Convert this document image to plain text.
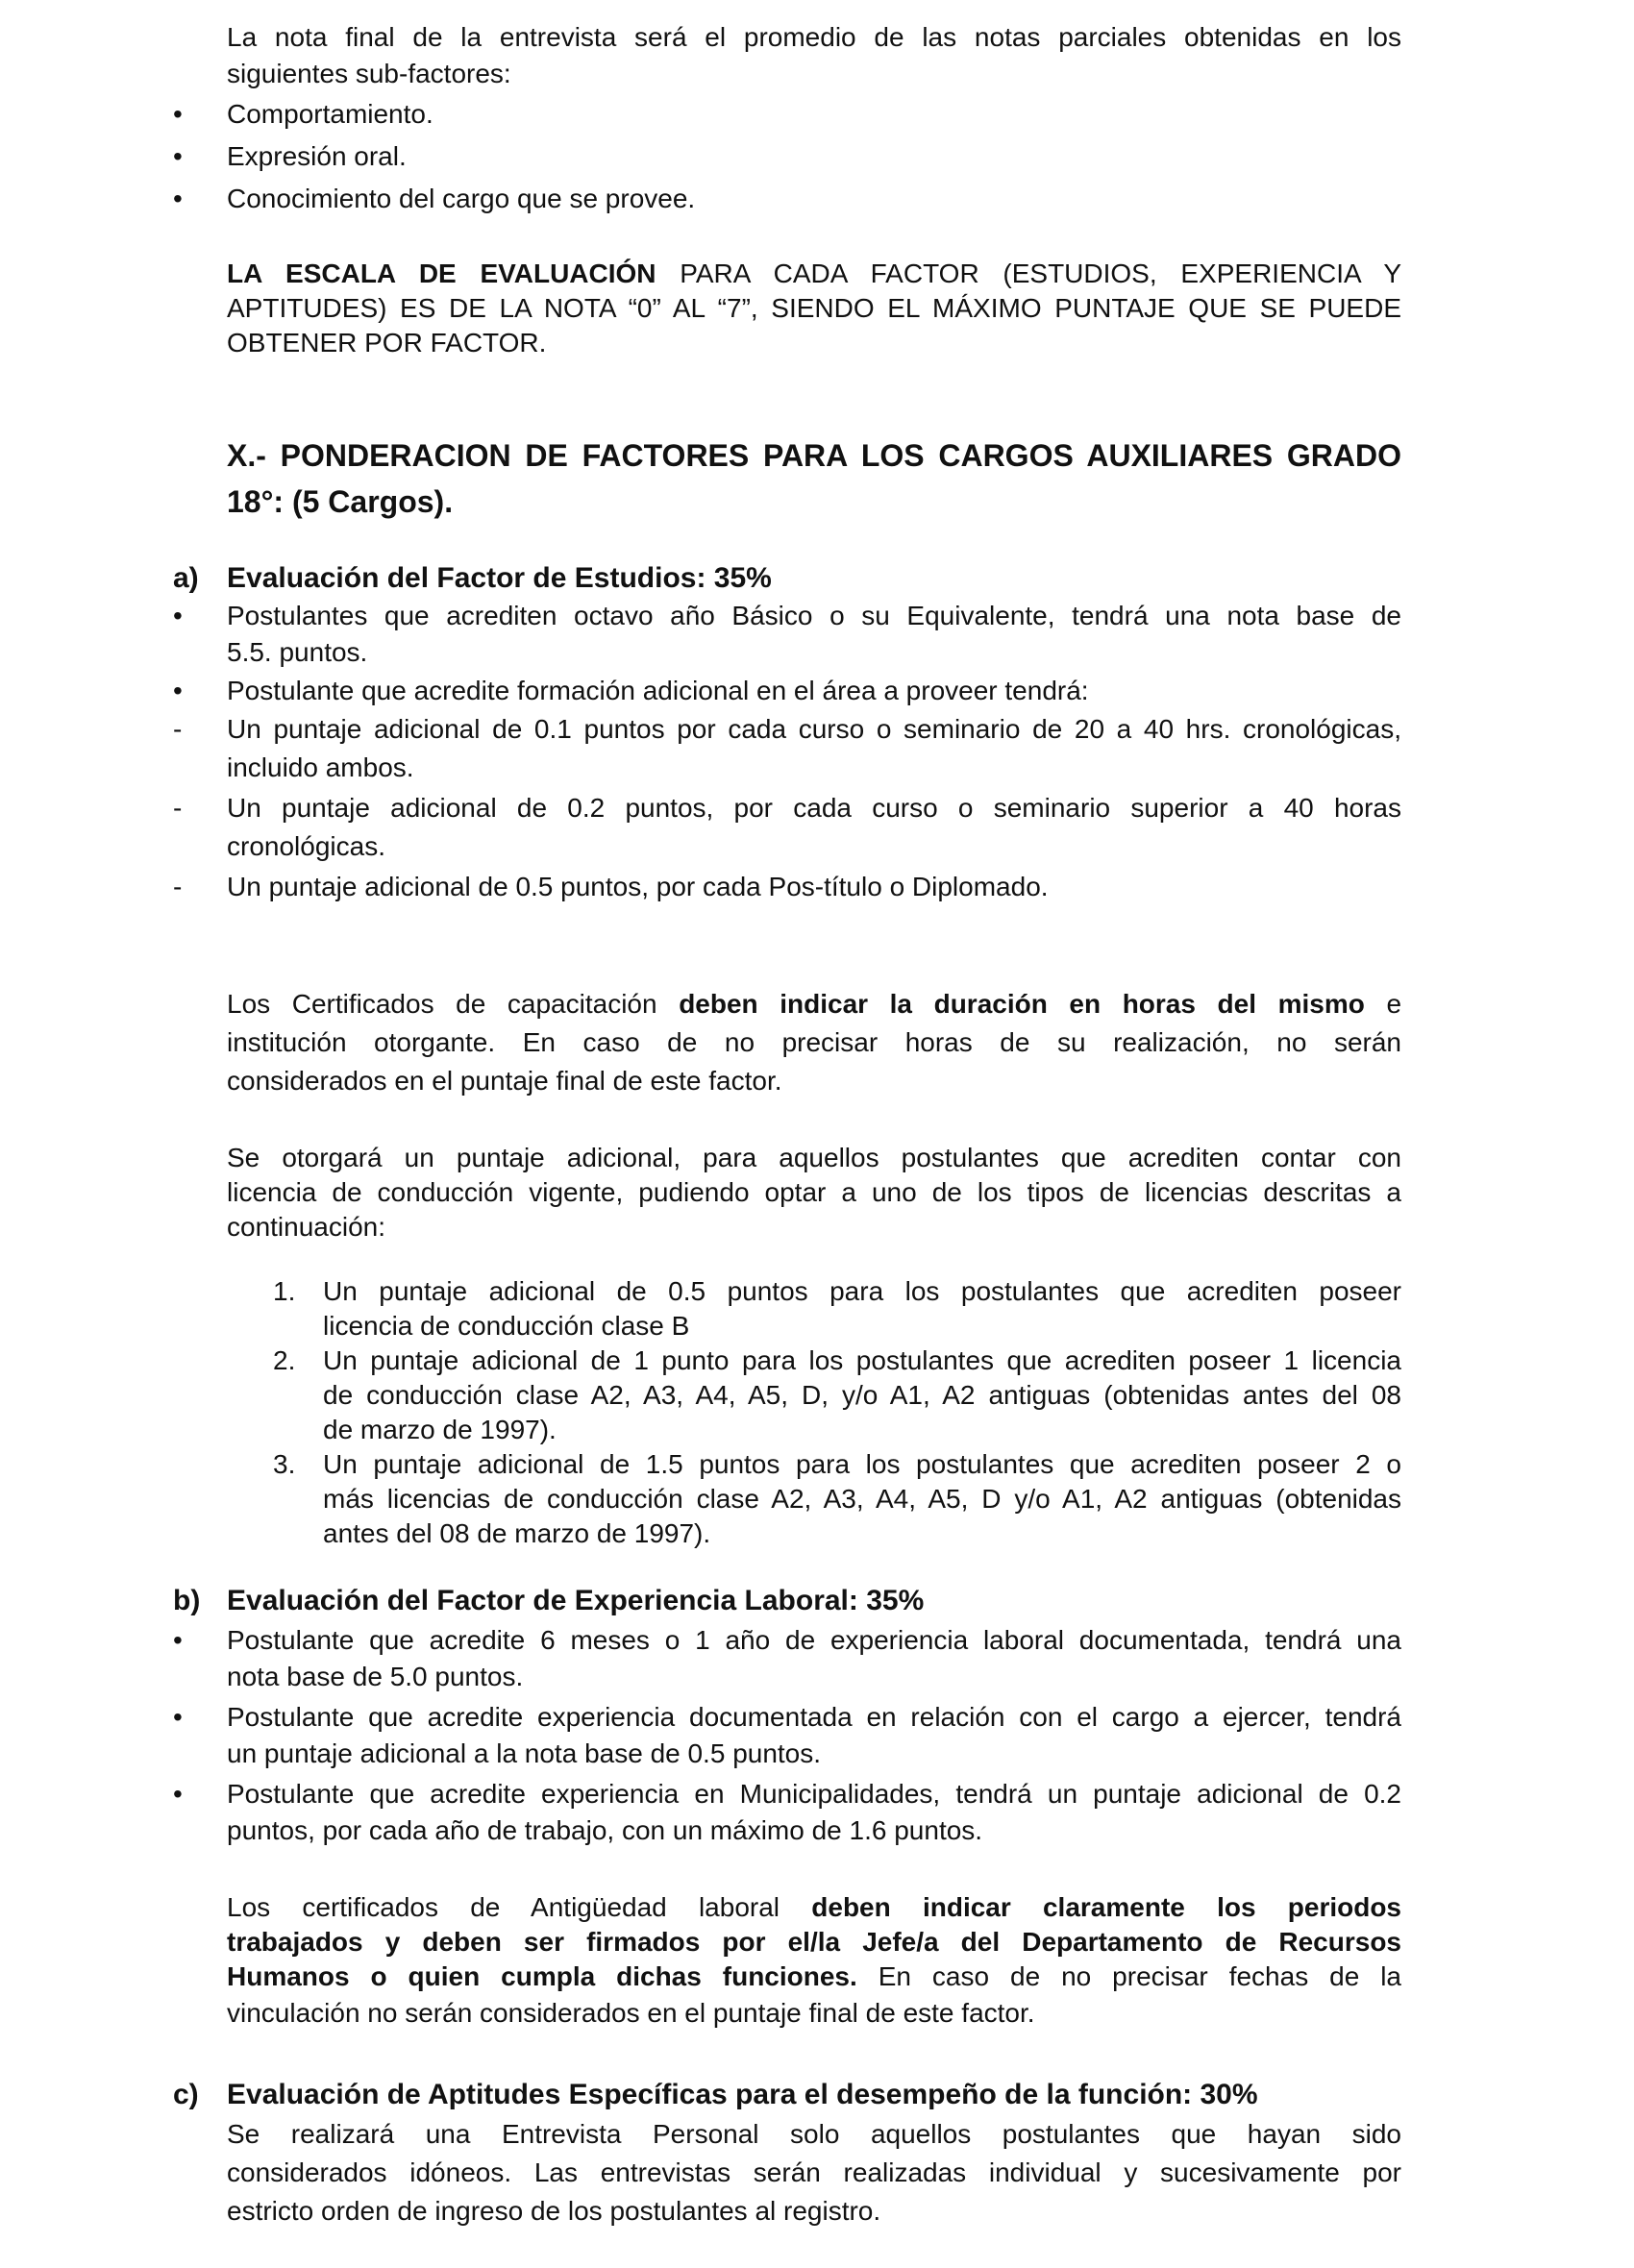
La nota final de la entrevista será el promedio de las notas parciales obtenidas en los
siguientes sub-factores:
•	Comportamiento.
•	Expresión oral.
•	Conocimiento del cargo que se provee.
LA ESCALA DE EVALUACIÓN PARA CADA FACTOR (ESTUDIOS, EXPERIENCIA Y
APTITUDES) ES DE LA NOTA “0” AL “7”, SIENDO EL MÁXIMO PUNTAJE QUE SE PUEDE
OBTENER POR FACTOR.
X.- PONDERACION DE FACTORES PARA LOS CARGOS AUXILIARES GRADO
18°: (5 Cargos).
a) Evaluación del Factor de Estudios: 35%
•	Postulantes que acrediten octavo año Básico o su Equivalente, tendrá una nota base de
5.5. puntos.
•	Postulante que acredite formación adicional en el área a proveer tendrá:
-	Un puntaje adicional de 0.1 puntos por cada curso o seminario de 20 a 40 hrs. cronológicas,
incluido ambos.
-	Un puntaje adicional de 0.2 puntos, por cada curso o seminario superior a 40 horas
cronológicas.
-	Un puntaje adicional de 0.5 puntos, por cada Pos-título o Diplomado.
Los Certificados de capacitación deben indicar la duración en horas del mismo e
institución otorgante. En caso de no precisar horas de su realización, no serán
considerados en el puntaje final de este factor.
Se otorgará un puntaje adicional, para aquellos postulantes que acrediten contar con
licencia de conducción vigente, pudiendo optar a uno de los tipos de licencias descritas a
continuación:
1. Un puntaje adicional de 0.5 puntos para los postulantes que acrediten poseer
licencia de conducción clase B
2. Un puntaje adicional de 1 punto para los postulantes que acrediten poseer 1 licencia
de conducción clase A2, A3, A4, A5, D, y/o A1, A2 antiguas (obtenidas antes del 08
de marzo de 1997).
3. Un puntaje adicional de 1.5 puntos para los postulantes que acrediten poseer 2 o
más licencias de conducción clase A2, A3, A4, A5, D y/o A1, A2 antiguas (obtenidas
antes del 08 de marzo de 1997).
b) Evaluación del Factor de Experiencia Laboral: 35%
•	Postulante que acredite 6 meses o 1 año de experiencia laboral documentada, tendrá una
nota base de 5.0 puntos.
•	Postulante que acredite experiencia documentada en relación con el cargo a ejercer, tendrá
un puntaje adicional a la nota base de 0.5 puntos.
•	Postulante que acredite experiencia en Municipalidades, tendrá un puntaje adicional de 0.2
puntos, por cada año de trabajo, con un máximo de 1.6 puntos.
Los certificados de Antigüedad laboral deben indicar claramente los periodos
trabajados y deben ser firmados por el/la Jefe/a del Departamento de Recursos
Humanos o quien cumpla dichas funciones. En caso de no precisar fechas de la
vinculación no serán considerados en el puntaje final de este factor.
c) Evaluación de Aptitudes Específicas para el desempeño de la función: 30%
Se realizará una Entrevista Personal solo aquellos postulantes que hayan sido
considerados idóneos. Las entrevistas serán realizadas individual y sucesivamente por
estricto orden de ingreso de los postulantes al registro.
